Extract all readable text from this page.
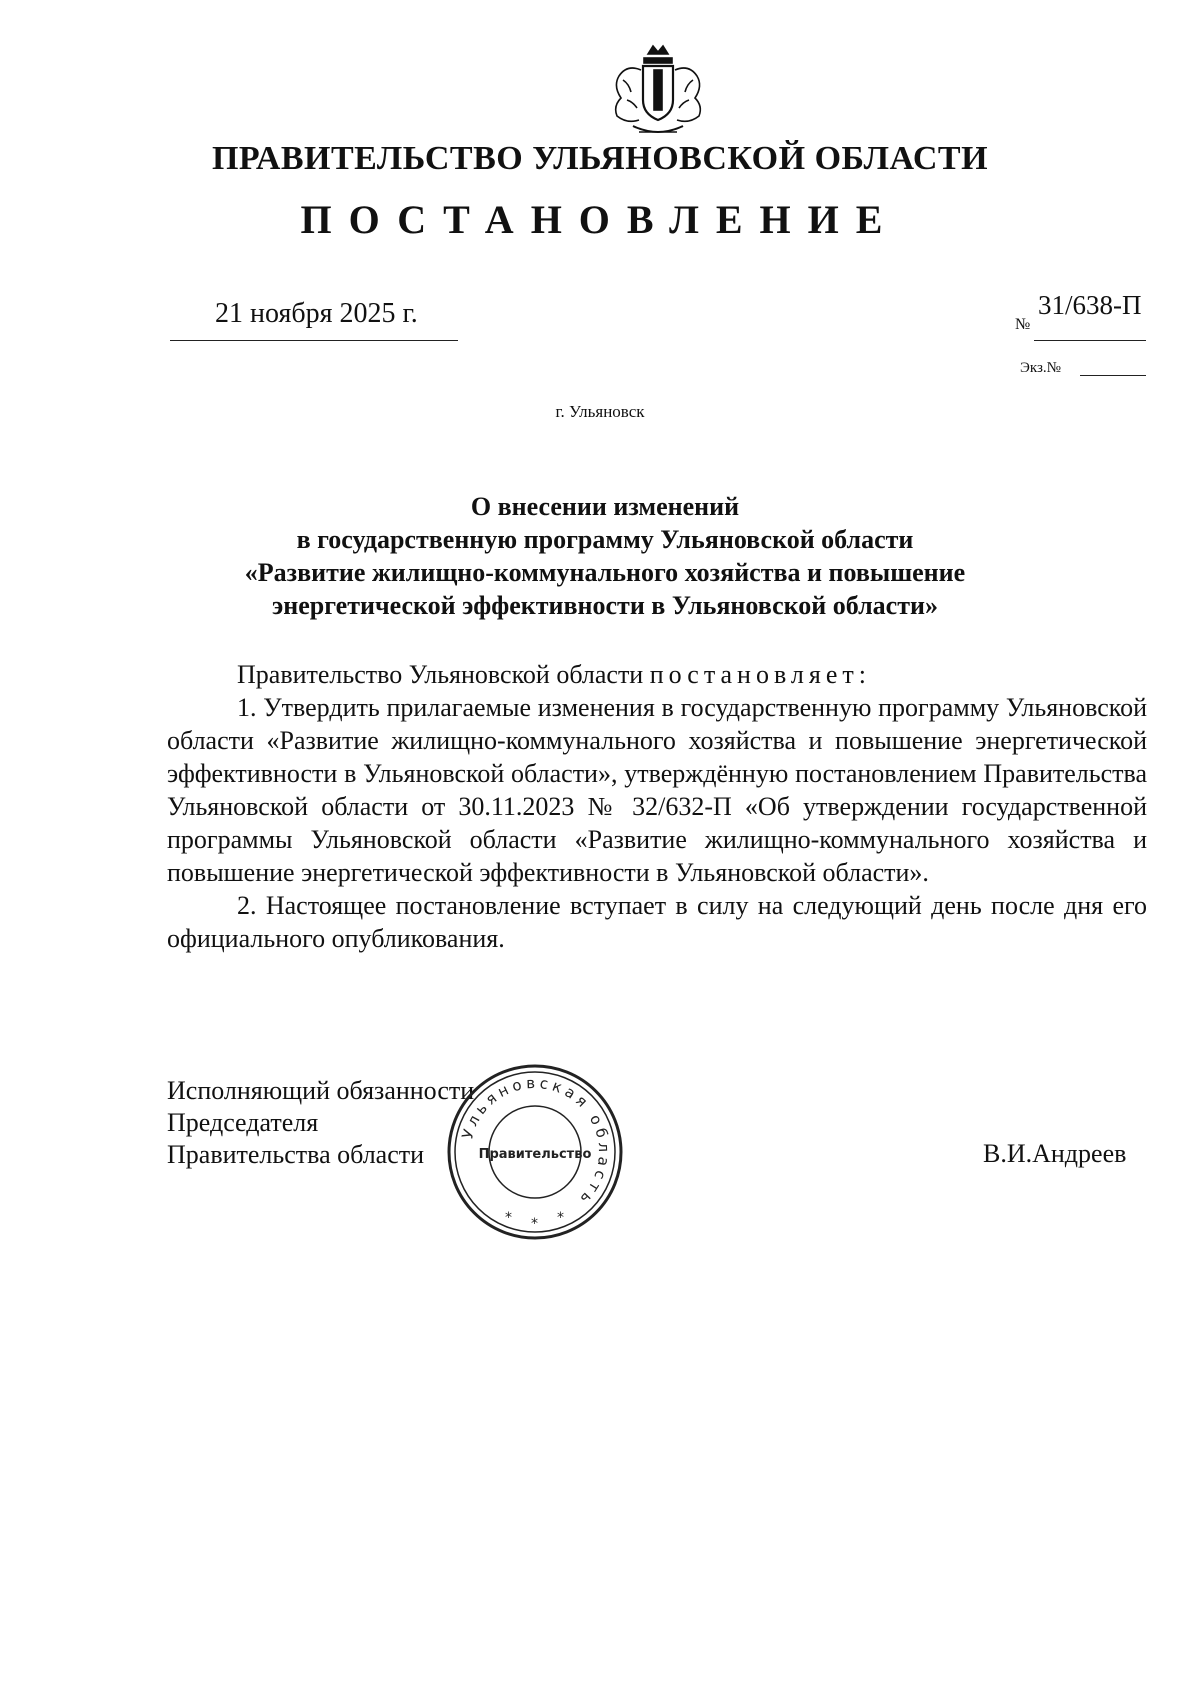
ПРАВИТЕЛЬСТВО УЛЬЯНОВСКОЙ ОБЛАСТИ
ПОСТАНОВЛЕНИЕ
21 ноября 2025 г.	№
31/638-П
Экз.№
г. Ульяновск
О внесении изменений
в государственную программу Ульяновской области
«Развитие жилищно-коммунального хозяйства и повышение
энергетической эффективности в Ульяновской области»
Правительство Ульяновской области постановляет:
1. Утвердить прилагаемые изменения в государственную программу Ульяновской области «Развитие жилищно-коммунального хозяйства и повышение энергетической эффективности в Ульяновской области», утверждённую постановлением Правительства Ульяновской области от 30.11.2023 № 32/632-П «Об утверждении государственной программы Ульяновской области «Развитие жилищно-коммунального хозяйства и повышение энергетической эффективности в Ульяновской области».
2. Настоящее постановление вступает в силу на следующий день после дня его официального опубликования.
Исполняющий обязанности
Председателя
Правительства области
Ульяновская область
Правительство
* * *
В.И.Андреев
